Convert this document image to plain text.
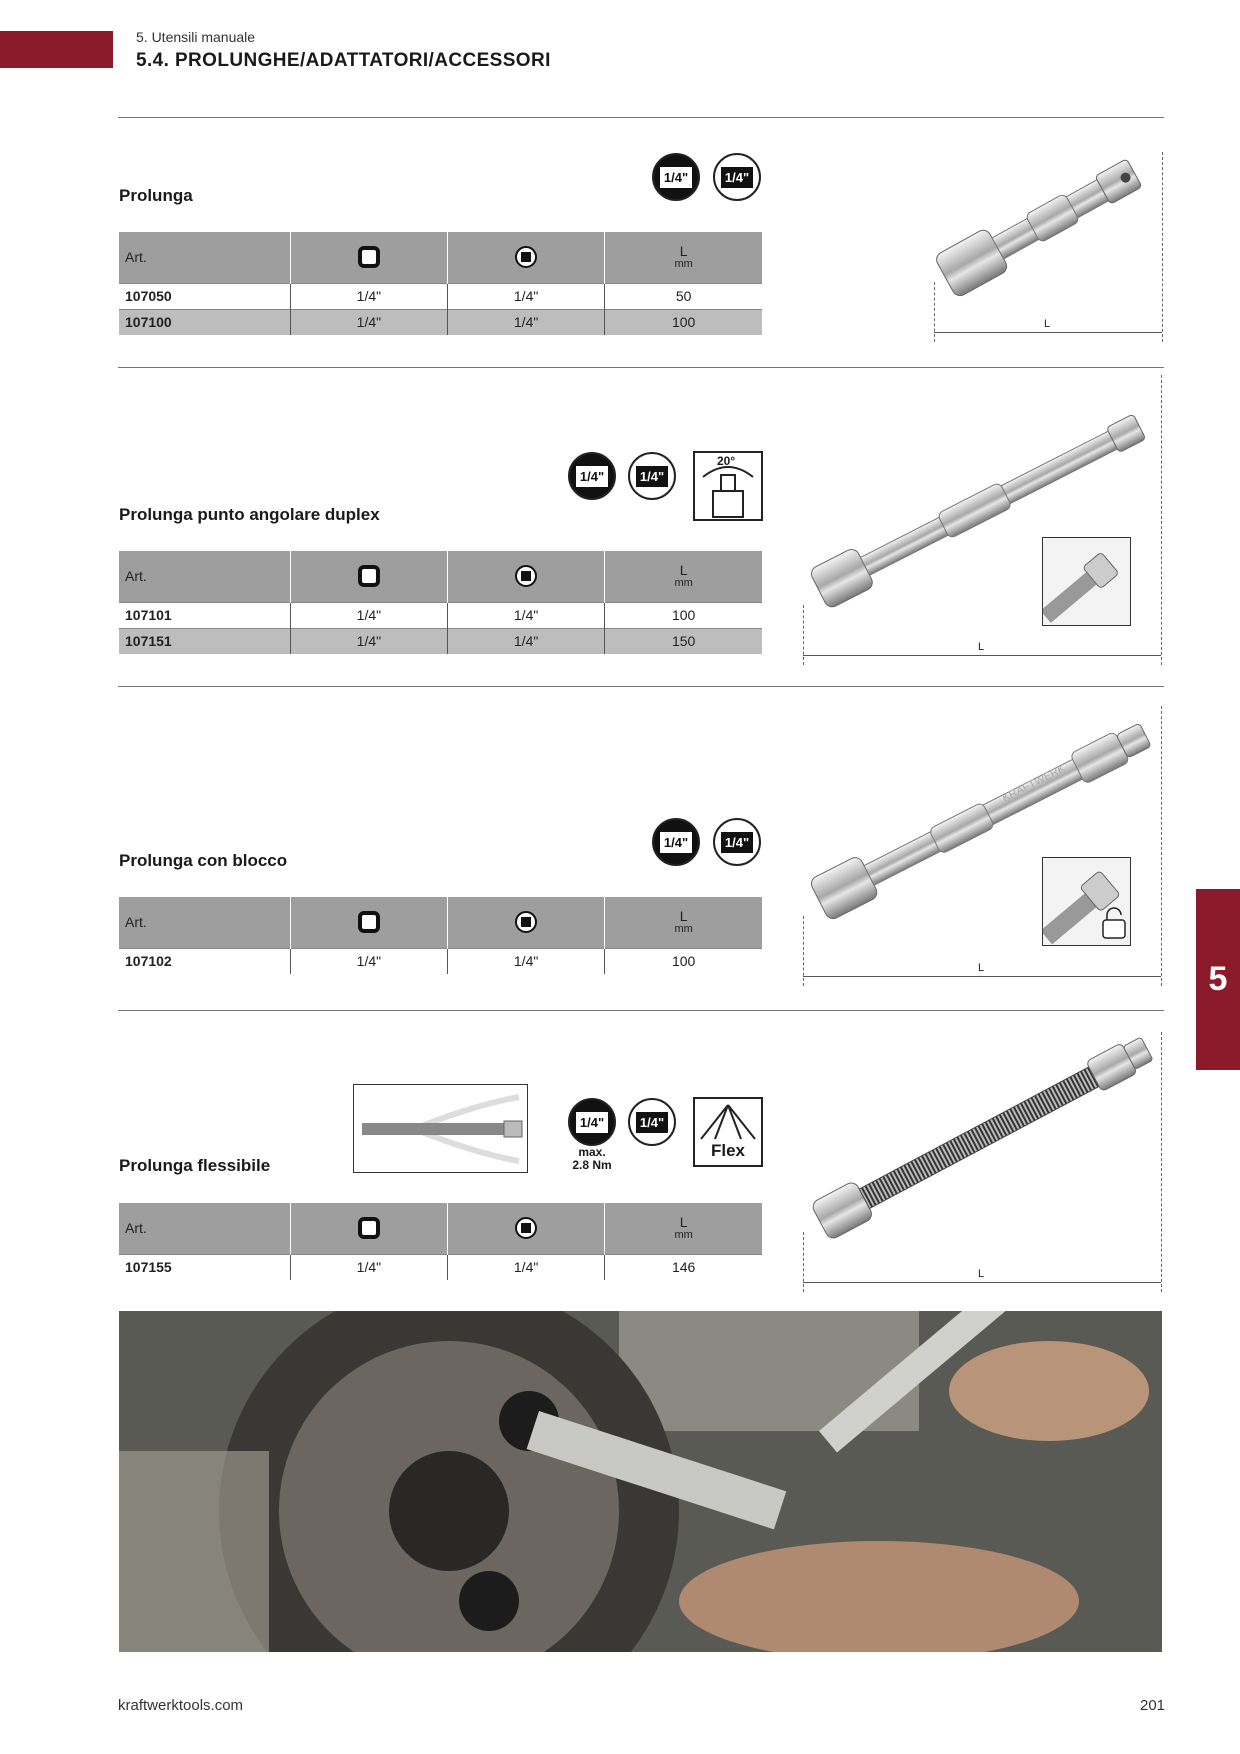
5. Utensili manuale
5.4. PROLUNGHE/ADATTATORI/ACCESSORI
Prolunga
1/4"	1/4"
Art.			L
mm

107050	1/4"	1/4"	50
107100	1/4"	1/4"	100	L
Prolunga punto angolare duplex
1/4"	1/4"
20°
Art.			L
mm

107101	1/4"	1/4"	100
107151	1/4"	1/4"	150	L
Prolunga con blocco
1/4"	1/4"
Art.			L
mm

107102	1/4"	1/4"	100
KRAFTWERK
L
Prolunga flessibile
1/4"
max.
2.8 Nm
1/4"
Flex
Art.			L
mm

107155	1/4"	1/4"	146	L
5
kraftwerktools.com	201
